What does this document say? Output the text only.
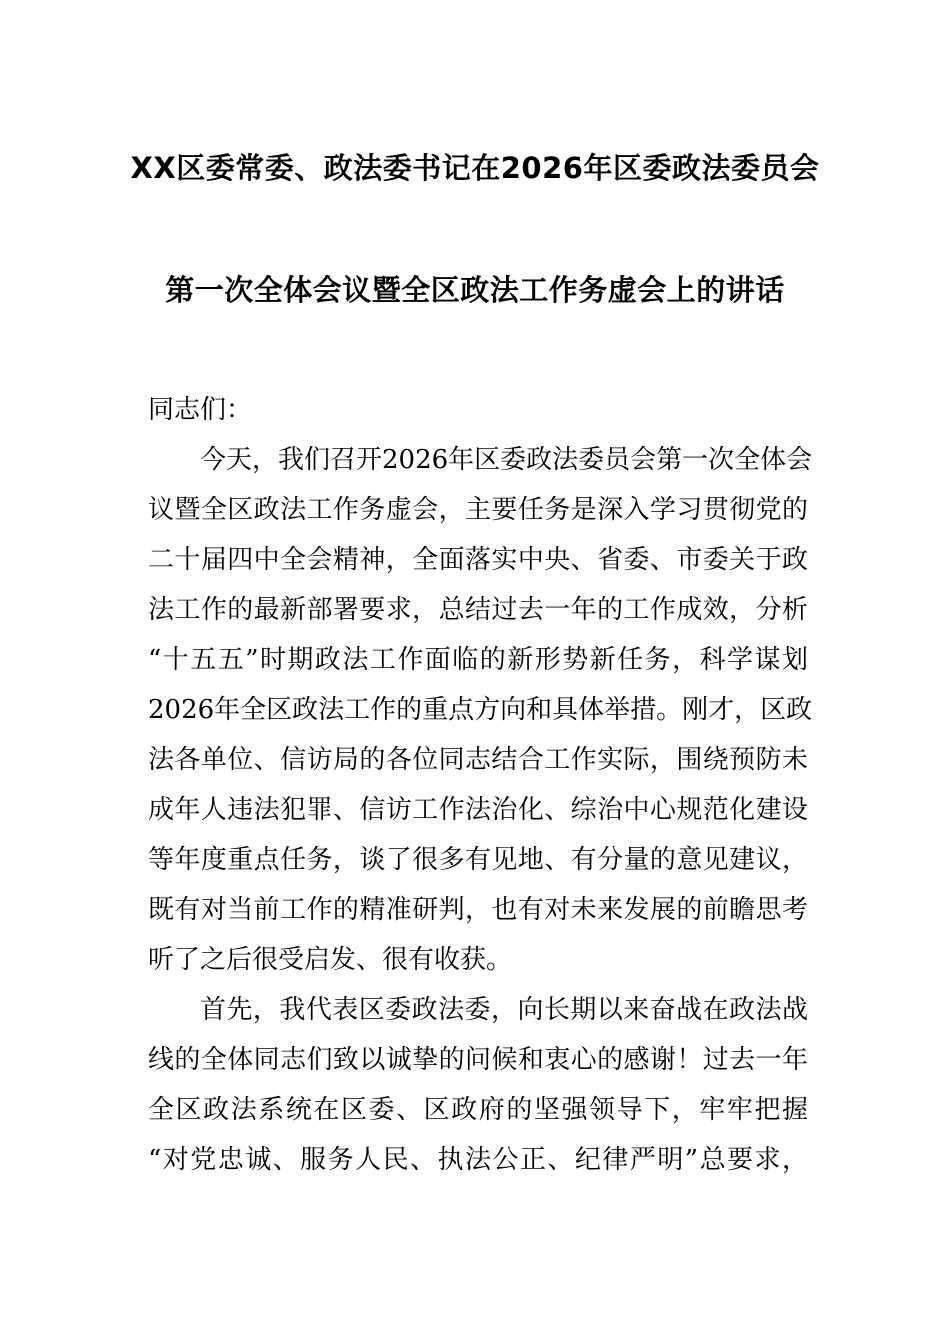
XX区委常委、政法委书记在2026年区委政法委员会
第一次全体会议暨全区政法工作务虚会上的讲话
同志们：
今天，我们召开2026年区委政法委员会第一次全体会
议暨全区政法工作务虚会，主要任务是深入学习贯彻党的
二十届四中全会精神，全面落实中央、省委、市委关于政
法工作的最新部署要求，总结过去一年的工作成效，分析
“十五五”时期政法工作面临的新形势新任务，科学谋划
2026年全区政法工作的重点方向和具体举措。刚才，区政
法各单位、信访局的各位同志结合工作实际，围绕预防未
成年人违法犯罪、信访工作法治化、综治中心规范化建设
等年度重点任务，谈了很多有见地、有分量的意见建议，
既有对当前工作的精准研判，也有对未来发展的前瞻思考
听了之后很受启发、很有收获。
首先，我代表区委政法委，向长期以来奋战在政法战
线的全体同志们致以诚挚的问候和衷心的感谢！过去一年
全区政法系统在区委、区政府的坚强领导下，牢牢把握
“对党忠诚、服务人民、执法公正、纪律严明”总要求，
